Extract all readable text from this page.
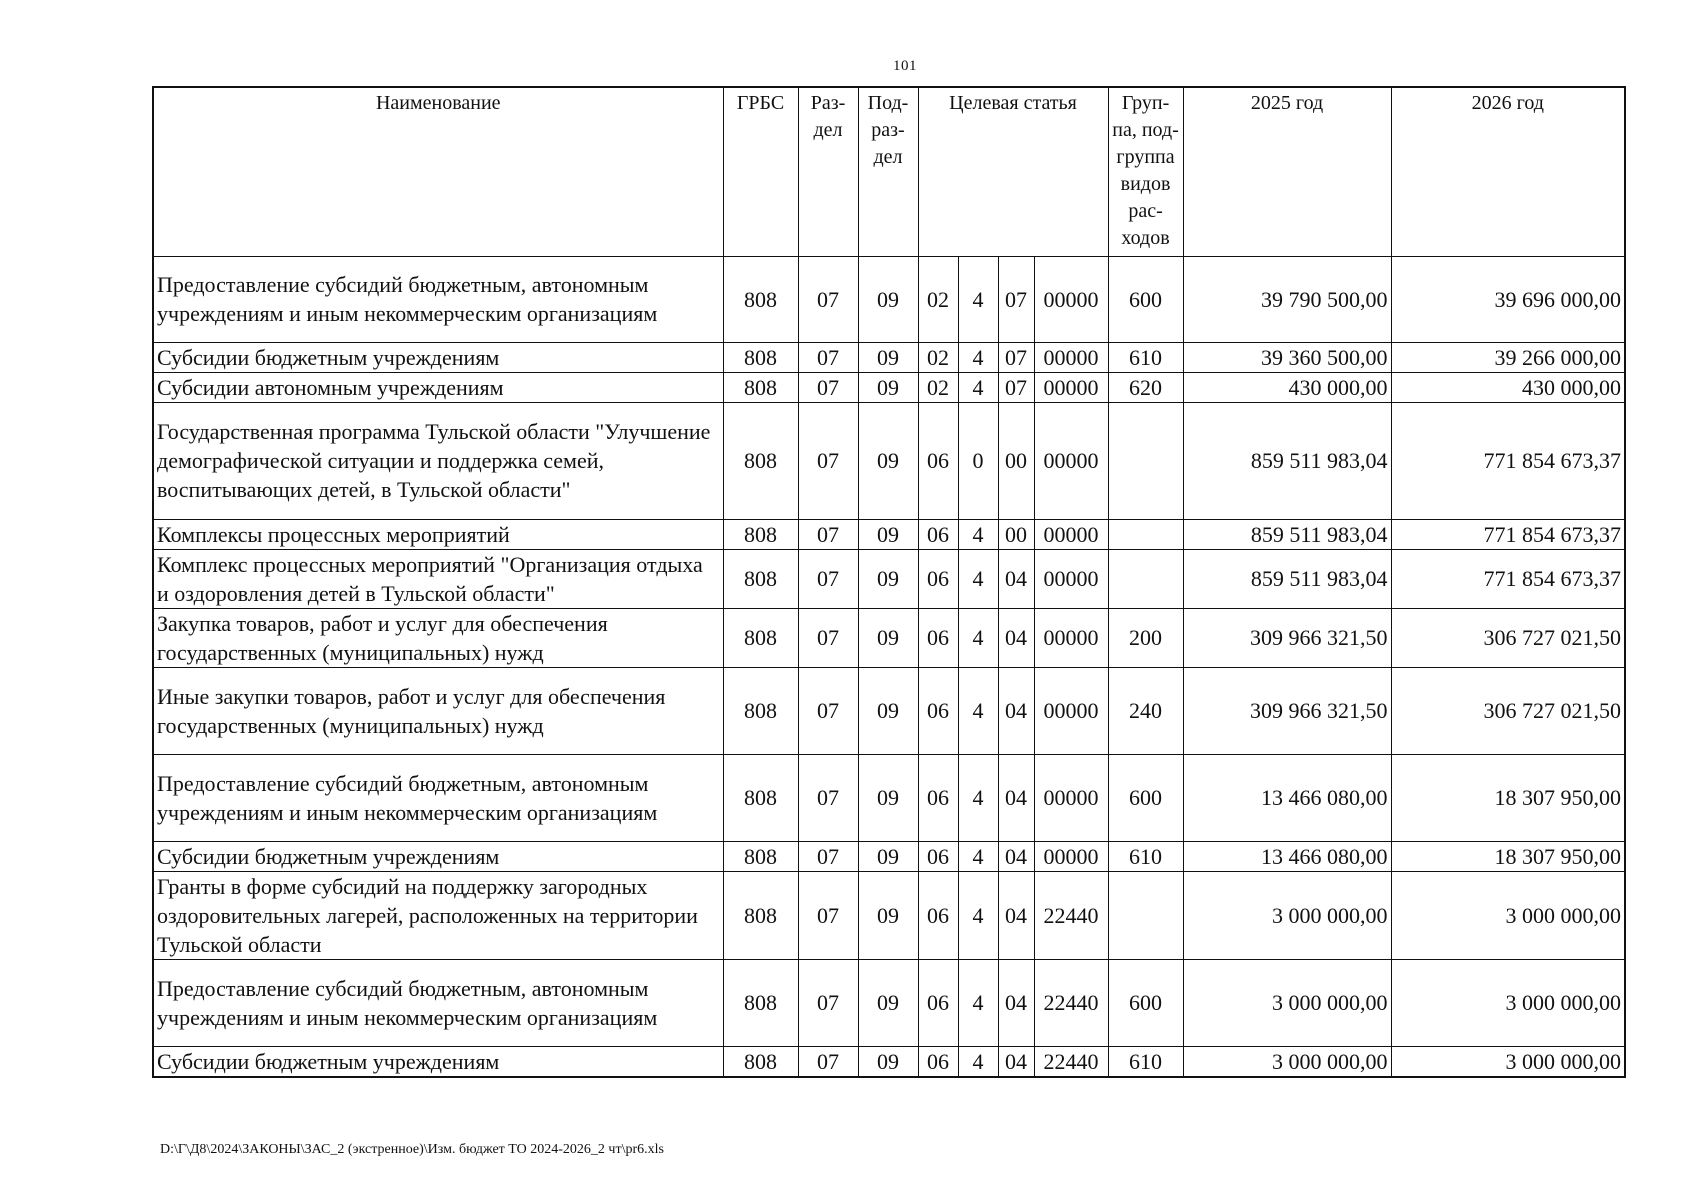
101
Наименование	ГРБС	Раз-дел	Под-раз-дел	Целевая статья				Груп-па, под-группа видов рас-ходов	2025 год	2026 год
Предоставление субсидий бюджетным, автономным учреждениям и иным некоммерческим организациям	808	07	09	02	4	07	00000	600	39 790 500,00	39 696 000,00
Субсидии бюджетным учреждениям	808	07	09	02	4	07	00000	610	39 360 500,00	39 266 000,00
Субсидии автономным учреждениям	808	07	09	02	4	07	00000	620	430 000,00	430 000,00
Государственная программа Тульской области "Улучшение демографической ситуации и поддержка семей, воспитывающих детей, в Тульской области"	808	07	09	06	0	00	00000		859 511 983,04	771 854 673,37
Комплексы процессных мероприятий	808	07	09	06	4	00	00000		859 511 983,04	771 854 673,37
Комплекс процессных мероприятий "Организация отдыха и оздоровления детей в Тульской области"	808	07	09	06	4	04	00000		859 511 983,04	771 854 673,37
Закупка товаров, работ и услуг для обеспечения государственных (муниципальных) нужд	808	07	09	06	4	04	00000	200	309 966 321,50	306 727 021,50
Иные закупки товаров, работ и услуг для обеспечения государственных (муниципальных) нужд	808	07	09	06	4	04	00000	240	309 966 321,50	306 727 021,50
Предоставление субсидий бюджетным, автономным учреждениям и иным некоммерческим организациям	808	07	09	06	4	04	00000	600	13 466 080,00	18 307 950,00
Субсидии бюджетным учреждениям	808	07	09	06	4	04	00000	610	13 466 080,00	18 307 950,00
Гранты в форме субсидий на поддержку загородных оздоровительных лагерей, расположенных на территории Тульской области	808	07	09	06	4	04	22440		3 000 000,00	3 000 000,00
Предоставление субсидий бюджетным, автономным учреждениям и иным некоммерческим организациям	808	07	09	06	4	04	22440	600	3 000 000,00	3 000 000,00
Субсидии бюджетным учреждениям	808	07	09	06	4	04	22440	610	3 000 000,00	3 000 000,00
D:\Г\Д8\2024\ЗАКОНЫ\ЗАС_2 (экстренное)\Изм. бюджет ТО 2024-2026_2 чт\pr6.xls
